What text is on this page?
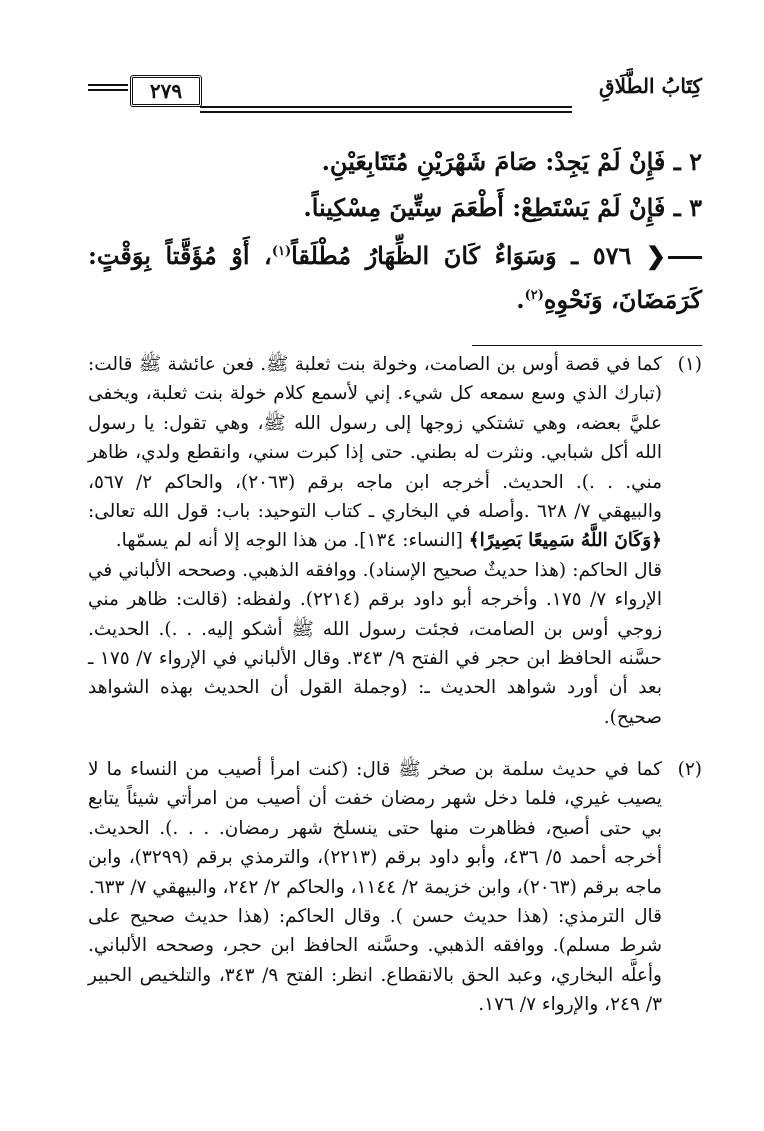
كِتَابُ الطَّلَاقِ
٢٧٩

٢ ـ فَإِنْ لَمْ يَجِدْ: صَامَ شَهْرَيْنِ مُتَتَابِعَيْنِ.

٣ ـ فَإِنْ لَمْ يَسْتَطِعْ: أَطْعَمَ سِتِّينَ مِسْكِيناً.

❮ ٥٧٦ ـ وَسَوَاءٌ كَانَ الظِّهَارُ مُطْلَقاً$^{(١)}$، أَوْ مُؤَقَّتاً بِوَقْتٍ: كَرَمَضَانَ، وَنَحْوِهِ$^{(٢)}$.

(١)

كما في قصة أوس بن الصامت، وخولة بنت ثعلبة ﷺ. فعن عائشة ﷺ قالت: (تبارك الذي وسع سمعه كل شيء. إني لأسمع كلام خولة بنت ثعلبة، ويخفى عليَّ بعضه، وهي تشتكي زوجها إلى رسول الله ﷺ، وهي تقول: يا رسول الله أكل شبابي. ونثرت له بطني. حتى إذا كبرت سني، وانقطع ولدي، ظاهر مني. . .). الحديث. أخرجه ابن ماجه برقم (٢٠٦٣)، والحاكم ٢/ ٥٦٧، والبيهقي ٧/ ٦٢٨ .وأصله في البخاري ـ كتاب التوحيد: باب: قول الله تعالى: ﴿وَكَانَ اللَّهُ سَمِيعًا بَصِيرًا﴾ [النساء: ١٣٤]. من هذا الوجه إلا أنه لم يسمّها.

قال الحاكم: (هذا حديثٌ صحيح الإسناد). ووافقه الذهبي. وصححه الألباني في الإرواء ٧/ ١٧٥. وأخرجه أبو داود برقم (٢٢١٤). ولفظه: (قالت: ظاهر مني زوجي أوس بن الصامت، فجئت رسول الله ﷺ أشكو إليه. . .). الحديث. حسَّنه الحافظ ابن حجر في الفتح ٩/ ٣٤٣. وقال الألباني في الإرواء ٧/ ١٧٥ ـ بعد أن أورد شواهد الحديث ـ: (وجملة القول أن الحديث بهذه الشواهد صحيح).

(٢)

كما في حديث سلمة بن صخر ﷺ قال: (كنت امرأ أصيب من النساء ما لا يصيب غيري، فلما دخل شهر رمضان خفت أن أصيب من امرأتي شيئاً يتابع بي حتى أصبح، فظاهرت منها حتى ينسلخ شهر رمضان. . . .). الحديث. أخرجه أحمد ٥/ ٤٣٦، وأبو داود برقم (٢٢١٣)، والترمذي برقم (٣٢٩٩)، وابن ماجه برقم (٢٠٦٣)، وابن خزيمة ٢/ ١١٤٤، والحاكم ٢/ ٢٤٢، والبيهقي ٧/ ٦٣٣.

قال الترمذي: (هذا حديث حسن ). وقال الحاكم: (هذا حديث صحيح على شرط مسلم). ووافقه الذهبي. وحسَّنه الحافظ ابن حجر، وصححه الألباني. وأعلَّه البخاري، وعبد الحق بالانقطاع. انظر: الفتح ٩/ ٣٤٣، والتلخيص الحبير ٣/ ٢٤٩، والإرواء ٧/ ١٧٦.
